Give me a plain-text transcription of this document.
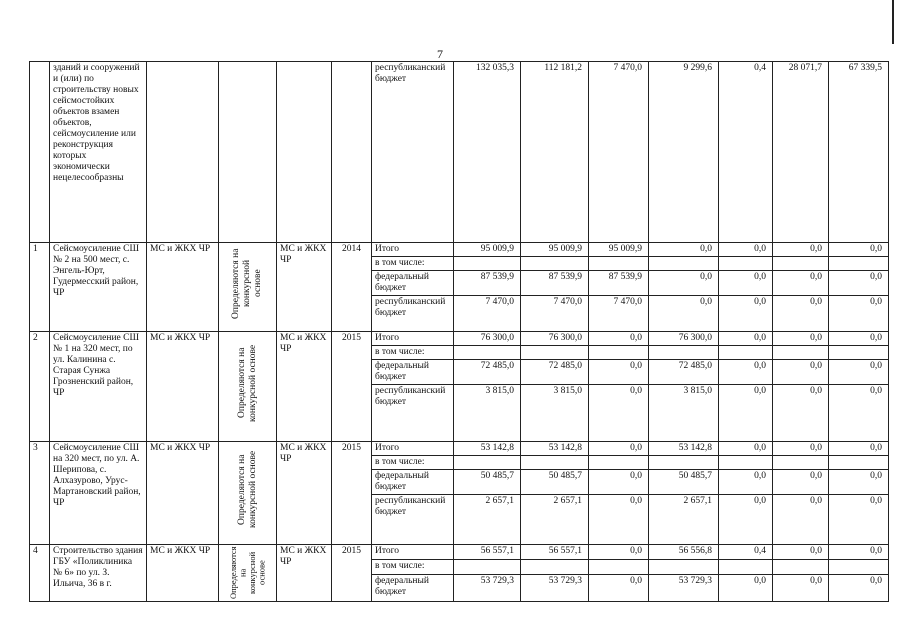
7
	зданий и сооружений и (или) по строительству новых сейсмостойких объектов взамен объектов, сейсмоусиление или реконструкция которых экономически нецелесообразны					республиканский бюджет	132 035,3	112 181,2	7 470,0	9 299,6	0,4	28 071,7	67 339,5
1	Сейсмоусиление СШ № 2 на 500 мест, с. Энгель-Юрт, Гудермесский район, ЧР	МС и ЖКХ ЧР	Определяются на конкурсной основе	МС и ЖКХ ЧР	2014	Итого	95 009,9	95 009,9	95 009,9	0,0	0,0	0,0	0,0
						в том числе:							
						федеральный бюджет	87 539,9	87 539,9	87 539,9	0,0	0,0	0,0	0,0
						республиканский бюджет	7 470,0	7 470,0	7 470,0	0,0	0,0	0,0	0,0
2	Сейсмоусиление СШ № 1 на 320 мест, по ул. Калинина с. Старая Сунжа Грозненский район, ЧР	МС и ЖКХ ЧР	Определяются на конкурсной основе	МС и ЖКХ ЧР	2015	Итого	76 300,0	76 300,0	0,0	76 300,0	0,0	0,0	0,0
						в том числе:							
						федеральный бюджет	72 485,0	72 485,0	0,0	72 485,0	0,0	0,0	0,0
						республиканский бюджет	3 815,0	3 815,0	0,0	3 815,0	0,0	0,0	0,0
3	Сейсмоусиление СШ на 320 мест, по ул. А. Шерипова, с. Алхазурово, Урус-Мартановский район, ЧР	МС и ЖКХ ЧР	Определяются на конкурсной основе	МС и ЖКХ ЧР	2015	Итого	53 142,8	53 142,8	0,0	53 142,8	0,0	0,0	0,0
						в том числе:							
						федеральный бюджет	50 485,7	50 485,7	0,0	50 485,7	0,0	0,0	0,0
						республиканский бюджет	2 657,1	2 657,1	0,0	2 657,1	0,0	0,0	0,0
4	Строительство здания ГБУ «Поликлиника № 6» по ул. З. Ильича, 36 в г.	МС и ЖКХ ЧР	Определяются на конкурсной основе	МС и ЖКХ ЧР	2015	Итого	56 557,1	56 557,1	0,0	56 556,8	0,4	0,0	0,0
						в том числе:							
						федеральный бюджет	53 729,3	53 729,3	0,0	53 729,3	0,0	0,0	0,0
